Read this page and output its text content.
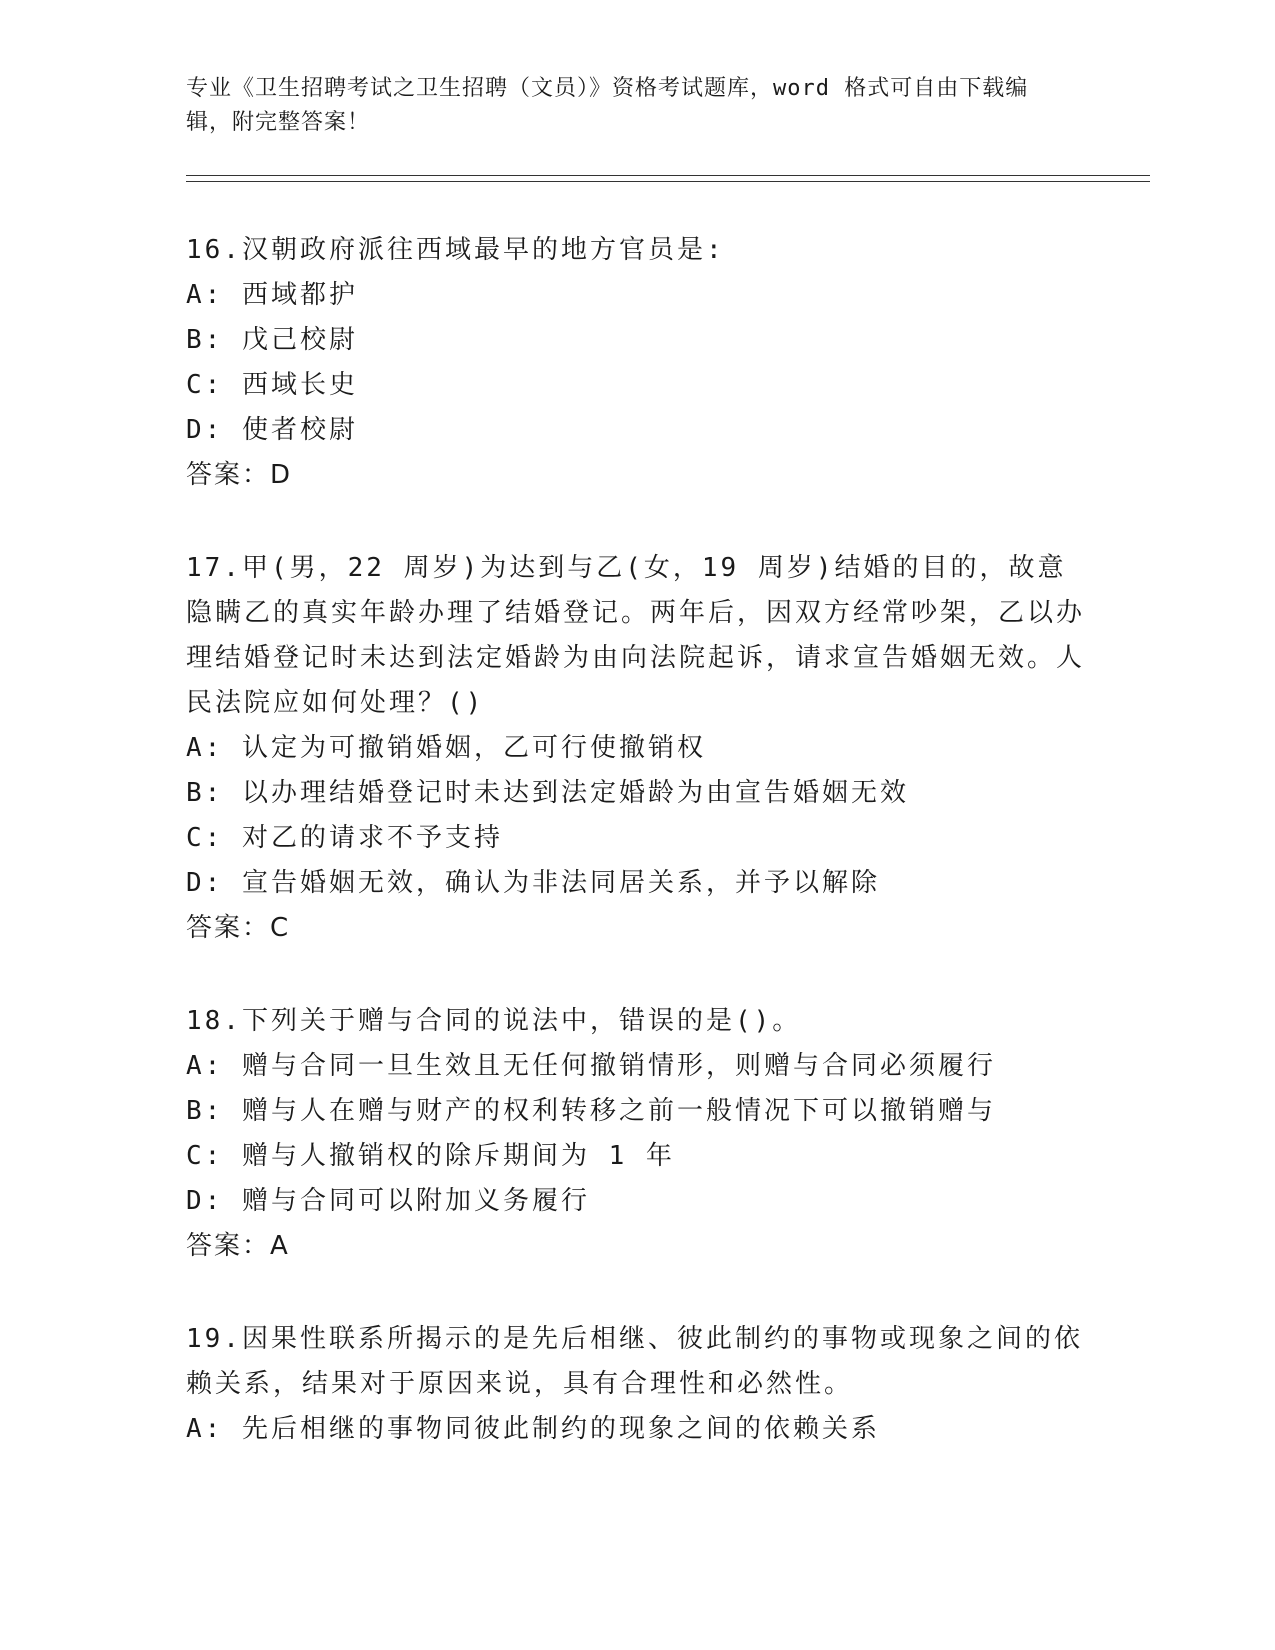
专业《卫生招聘考试之卫生招聘（文员）》资格考试题库，word 格式可自由下载编辑，附完整答案！
16.汉朝政府派往西域最早的地方官员是:
A: 西域都护
B: 戊己校尉
C: 西域长史
D: 使者校尉
答案：D
17.甲(男，22 周岁)为达到与乙(女，19 周岁)结婚的目的，故意隐瞒乙的真实年龄办理了结婚登记。两年后，因双方经常吵架，乙以办理结婚登记时未达到法定婚龄为由向法院起诉，请求宣告婚姻无效。人民法院应如何处理？()
A: 认定为可撤销婚姻，乙可行使撤销权
B: 以办理结婚登记时未达到法定婚龄为由宣告婚姻无效
C: 对乙的请求不予支持
D: 宣告婚姻无效，确认为非法同居关系，并予以解除
答案：C
18.下列关于赠与合同的说法中，错误的是()。
A: 赠与合同一旦生效且无任何撤销情形，则赠与合同必须履行
B: 赠与人在赠与财产的权利转移之前一般情况下可以撤销赠与
C: 赠与人撤销权的除斥期间为 1 年
D: 赠与合同可以附加义务履行
答案：A
19.因果性联系所揭示的是先后相继、彼此制约的事物或现象之间的依赖关系，结果对于原因来说，具有合理性和必然性。
A: 先后相继的事物同彼此制约的现象之间的依赖关系
